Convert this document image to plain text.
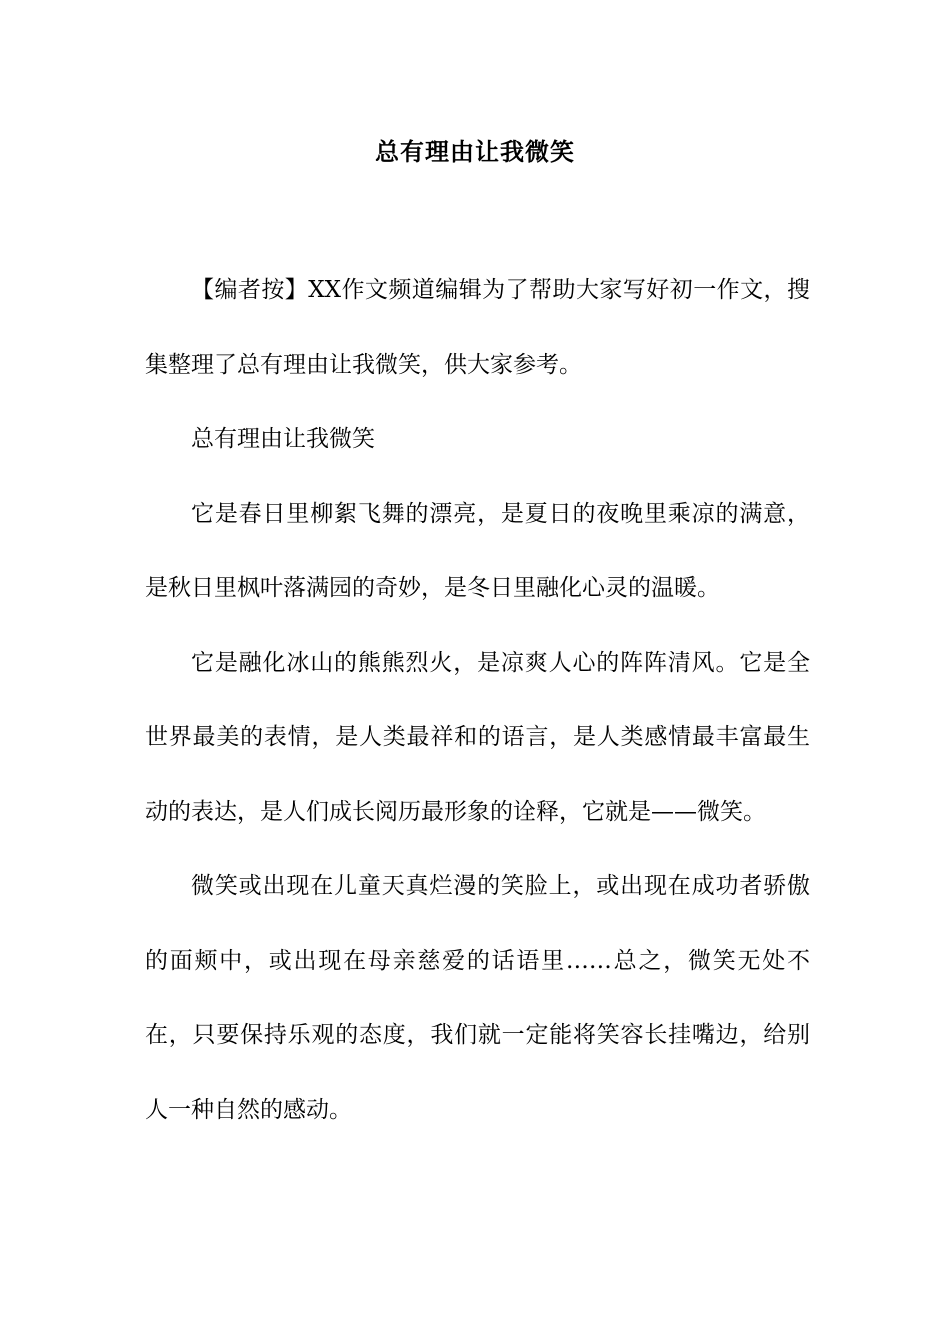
总有理由让我微笑

【编者按】XX作文频道编辑为了帮助大家写好初一作文，搜集整理了总有理由让我微笑，供大家参考。

总有理由让我微笑

它是春日里柳絮飞舞的漂亮，是夏日的夜晚里乘凉的满意，是秋日里枫叶落满园的奇妙，是冬日里融化心灵的温暖。

它是融化冰山的熊熊烈火，是凉爽人心的阵阵清风。它是全世界最美的表情，是人类最祥和的语言，是人类感情最丰富最生动的表达，是人们成长阅历最形象的诠释，它就是——微笑。

微笑或出现在儿童天真烂漫的笑脸上，或出现在成功者骄傲的面颊中，或出现在母亲慈爱的话语里……总之，微笑无处不在，只要保持乐观的态度，我们就一定能将笑容长挂嘴边，给别人一种自然的感动。
